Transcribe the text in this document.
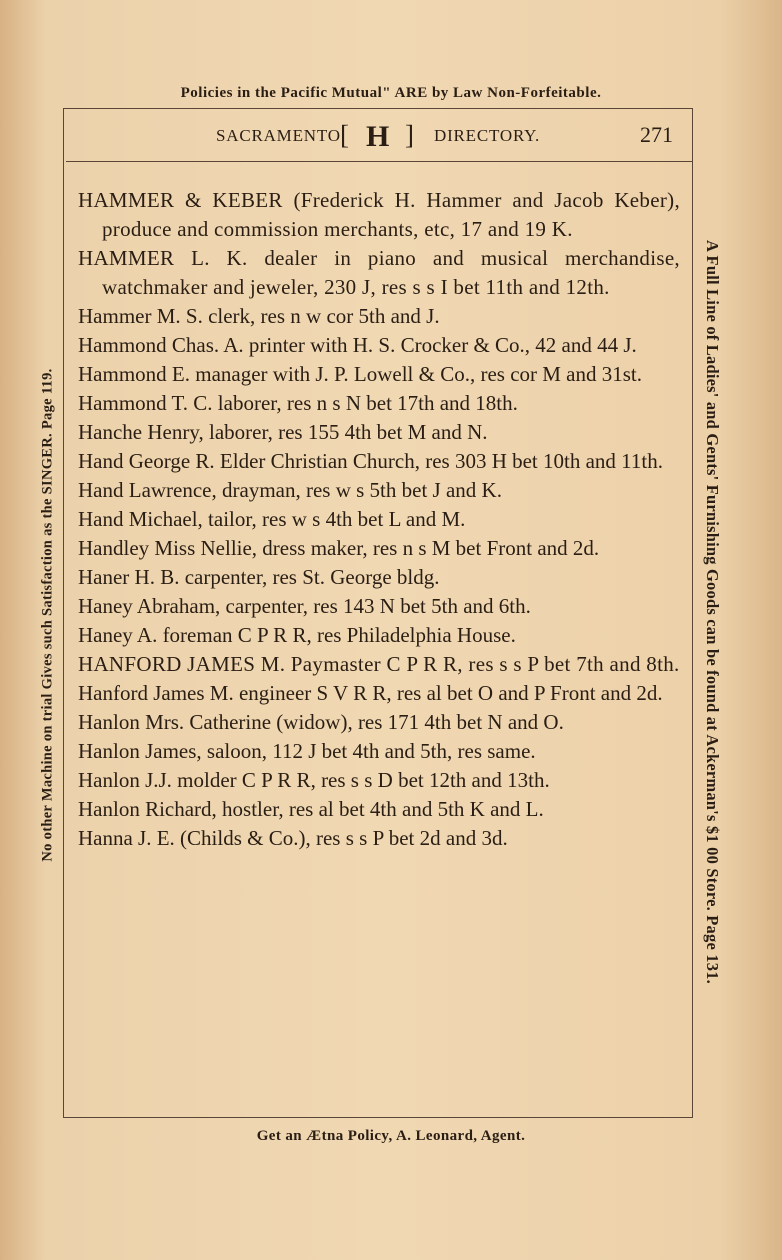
Policies in the Pacific Mutual" ARE by Law Non-Forfeitable.
SACRAMENTO [ H ] DIRECTORY.	271
HAMMER & KEBER (Frederick H. Hammer and Jacob Keber), produce and commission merchants, etc, 17 and 19 K.
HAMMER L. K. dealer in piano and musical merchandise, watchmaker and jeweler, 230 J, res s s I bet 11th and 12th.
Hammer M. S. clerk, res n w cor 5th and J.
Hammond Chas. A. printer with H. S. Crocker & Co., 42 and 44 J.
Hammond E. manager with J. P. Lowell & Co., res cor M and 31st.
Hammond T. C. laborer, res n s N bet 17th and 18th.
Hanche Henry, laborer, res 155 4th bet M and N.
Hand George R. Elder Christian Church, res 303 H bet 10th and 11th.
Hand Lawrence, drayman, res w s 5th bet J and K.
Hand Michael, tailor, res w s 4th bet L and M.
Handley Miss Nellie, dress maker, res n s M bet Front and 2d.
Haner H. B. carpenter, res St. George bldg.
Haney Abraham, carpenter, res 143 N bet 5th and 6th.
Haney A. foreman C P R R, res Philadelphia House.
HANFORD JAMES M. Paymaster C P R R, res s s P bet 7th and 8th.
Hanford James M. engineer S V R R, res al bet O and P Front and 2d.
Hanlon Mrs. Catherine (widow), res 171 4th bet N and O.
Hanlon James, saloon, 112 J bet 4th and 5th, res same.
Hanlon J.J. molder C P R R, res s s D bet 12th and 13th.
Hanlon Richard, hostler, res al bet 4th and 5th K and L.
Hanna J. E. (Childs & Co.), res s s P bet 2d and 3d.
Get an Ætna Policy, A. Leonard, Agent.
No other Machine on trial Gives such Satisfaction as the SINGER. Page 119.	A Full Line of Ladies' and Gents' Furnishing Goods can be found at Ackerman's $1 00 Store. Page 131.
